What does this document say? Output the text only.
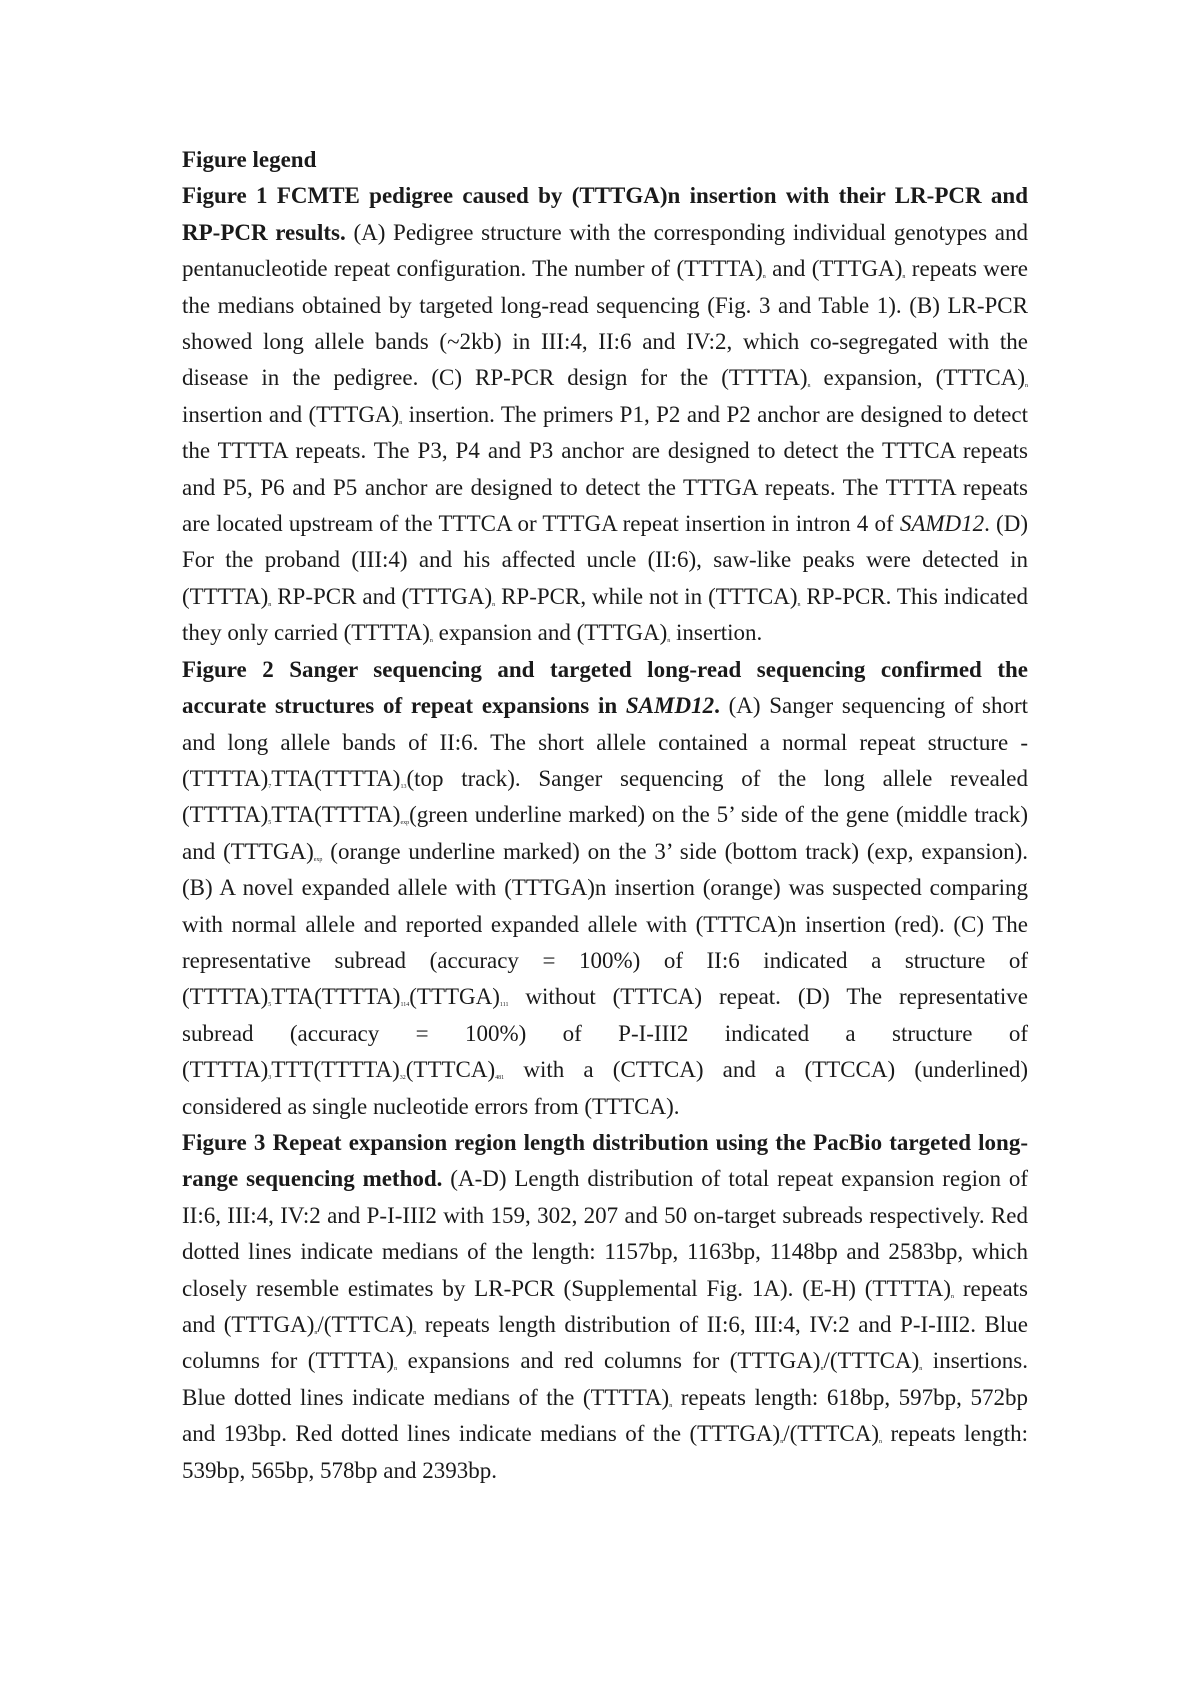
Figure legend

Figure 1 FCMTE pedigree caused by (TTTGA)n insertion with their LR-PCR and RP-PCR results. (A) Pedigree structure with the corresponding individual genotypes and pentanucleotide repeat configuration. The number of $(TTTTA)_n$ and $(TTTGA)_n$ repeats were the medians obtained by targeted long-read sequencing (Fig. 3 and Table 1). (B) LR-PCR showed long allele bands (~2kb) in III:4, II:6 and IV:2, which co-segregated with the disease in the pedigree. (C) RP-PCR design for the $(TTTTA)_n$ expansion, $(TTTCA)_n$ insertion and $(TTTGA)_n$ insertion. The primers P1, P2 and P2 anchor are designed to detect the TTTTA repeats. The P3, P4 and P3 anchor are designed to detect the TTTCA repeats and P5, P6 and P5 anchor are designed to detect the TTTGA repeats. The TTTTA repeats are located upstream of the TTTCA or TTTGA repeat insertion in intron 4 of SAMD12. (D) For the proband (III:4) and his affected uncle (II:6), saw-like peaks were detected in $(TTTTA)_n$ RP-PCR and $(TTTGA)_n$ RP-PCR, while not in $(TTTCA)_n$ RP-PCR. This indicated they only carried $(TTTTA)_n$ expansion and $(TTTGA)_n$ insertion.

Figure 2 Sanger sequencing and targeted long-read sequencing confirmed the accurate structures of repeat expansions in SAMD12. (A) Sanger sequencing of short and long allele bands of II:6. The short allele contained a normal repeat structure - $(TTTTA)_7TTA(TTTTA)_{13}(top$ track). Sanger sequencing of the long allele revealed $(TTTTA)_5TTA(TTTTA)_{exp}(green$ underline marked) on the 5’ side of the gene (middle track) and $(TTTGA)_{exp}$ (orange underline marked) on the 3’ side (bottom track) (exp, expansion). (B) A novel expanded allele with (TTTGA)n insertion (orange) was suspected comparing with normal allele and reported expanded allele with (TTTCA)n insertion (red). (C) The representative subread (accuracy = 100%) of II:6 indicated a structure of $(TTTTA)_5TTA(TTTTA)_{114}(TTTGA)_{111}$ without (TTTCA) repeat. (D) The representative subread (accuracy = 100%) of P-I-III2 indicated a structure of $(TTTTA)_3TTT(TTTTA)_{32}(TTTCA)_{481}$ with a (CTTCA) and a (TTCCA) (underlined) considered as single nucleotide errors from (TTTCA).

Figure 3 Repeat expansion region length distribution using the PacBio targeted long-range sequencing method. (A-D) Length distribution of total repeat expansion region of II:6, III:4, IV:2 and P-I-III2 with 159, 302, 207 and 50 on-target subreads respectively. Red dotted lines indicate medians of the length: 1157bp, 1163bp, 1148bp and 2583bp, which closely resemble estimates by LR-PCR (Supplemental Fig. 1A). (E-H) $(TTTTA)_n$ repeats and $(TTTGA)_n/(TTTCA)_n$ repeats length distribution of II:6, III:4, IV:2 and P-I-III2. Blue columns for $(TTTTA)_n$ expansions and red columns for $(TTTGA)_n/(TTTCA)_n$ insertions. Blue dotted lines indicate medians of the $(TTTTA)_n$ repeats length: 618bp, 597bp, 572bp and 193bp. Red dotted lines indicate medians of the $(TTTGA)_n/(TTTCA)_n$ repeats length: 539bp, 565bp, 578bp and 2393bp.
